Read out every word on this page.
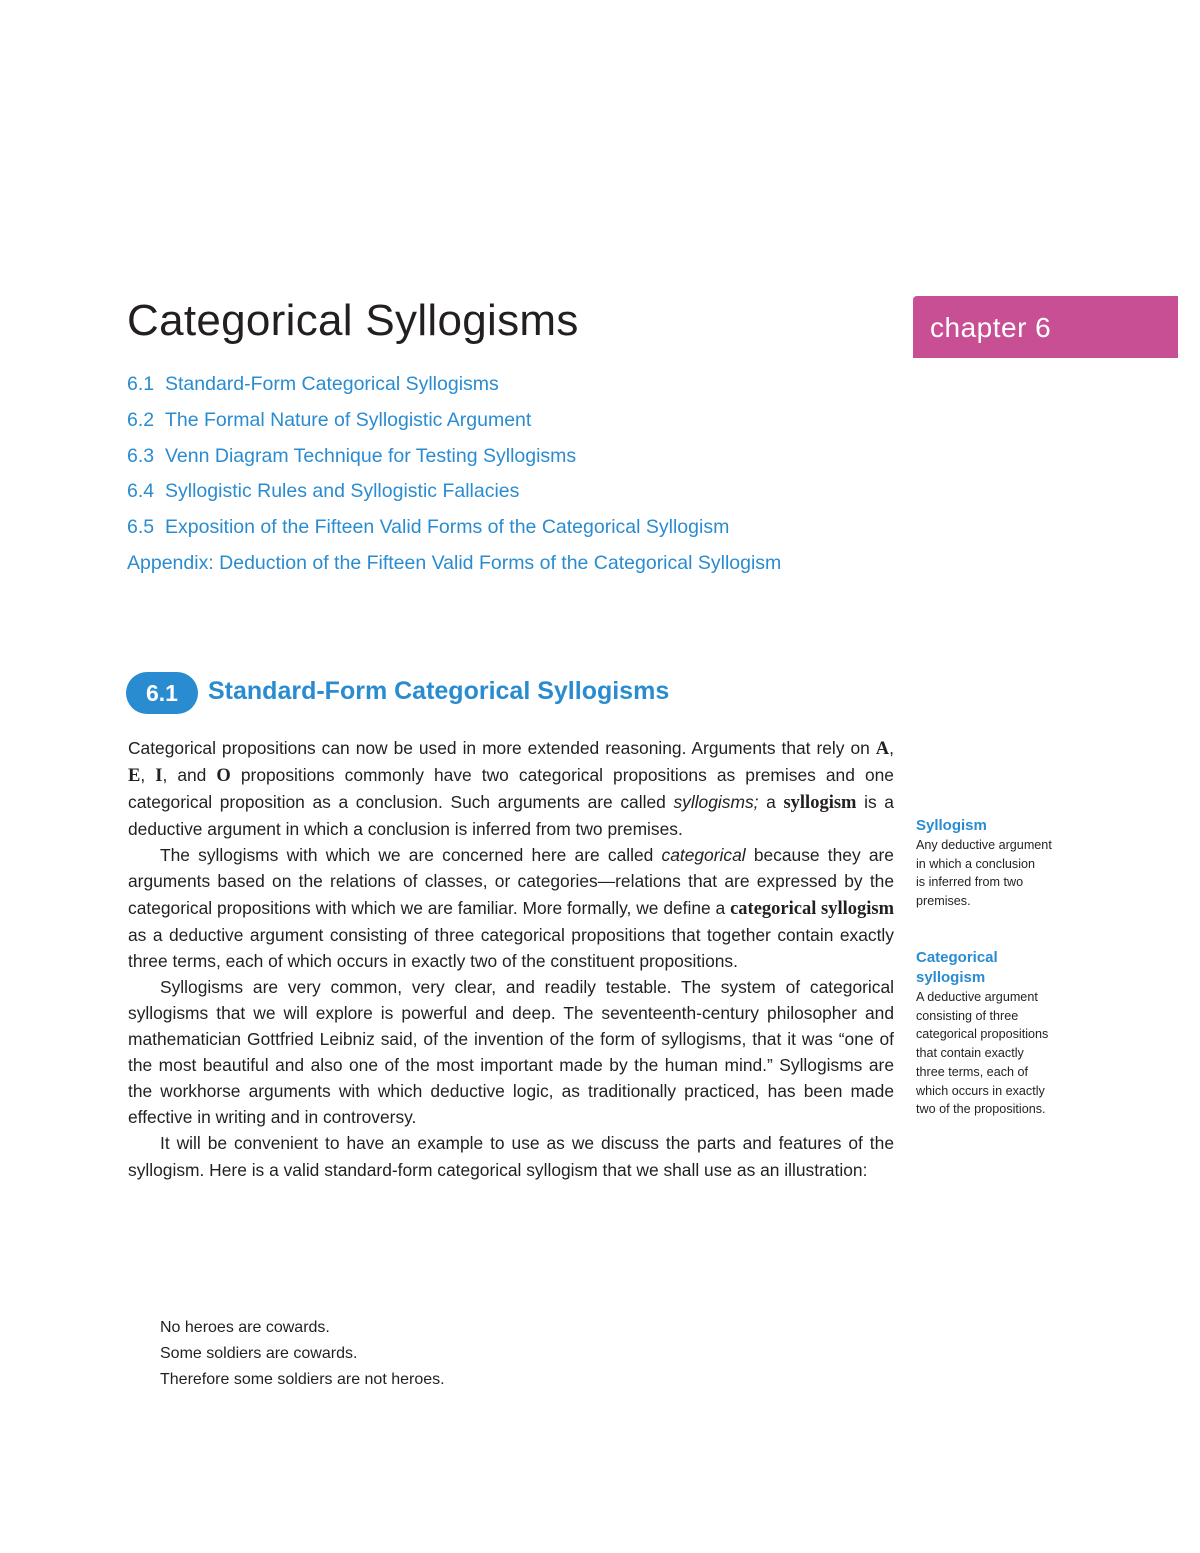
Categorical Syllogisms	chapter 6
6.1 Standard-Form Categorical Syllogisms
6.2 The Formal Nature of Syllogistic Argument
6.3 Venn Diagram Technique for Testing Syllogisms
6.4 Syllogistic Rules and Syllogistic Fallacies
6.5 Exposition of the Fifteen Valid Forms of the Categorical Syllogism
Appendix: Deduction of the Fifteen Valid Forms of the Categorical Syllogism
6.1	Standard-Form Categorical Syllogisms

Categorical propositions can now be used in more extended reasoning. Arguments that rely on A, E, I, and O propositions commonly have two categorical propositions as premises and one categorical proposition as a conclusion. Such arguments are called syllogisms; a syllogism is a deductive argument in which a conclusion is inferred from two premises.

The syllogisms with which we are concerned here are called categorical because they are arguments based on the relations of classes, or categories—relations that are expressed by the categorical propositions with which we are familiar. More formally, we define a categorical syllogism as a deductive argument consisting of three categorical propositions that together contain exactly three terms, each of which occurs in exactly two of the constituent propositions.

Syllogisms are very common, very clear, and readily testable. The system of categorical syllogisms that we will explore is powerful and deep. The seventeenth-century philosopher and mathematician Gottfried Leibniz said, of the invention of the form of syllogisms, that it was “one of the most beautiful and also one of the most important made by the human mind.” Syllogisms are the workhorse arguments with which deductive logic, as traditionally practiced, has been made effective in writing and in controversy.

It will be convenient to have an example to use as we discuss the parts and features of the syllogism. Here is a valid standard-form categorical syllogism that we shall use as an illustration:

No heroes are cowards.
Some soldiers are cowards.
Therefore some soldiers are not heroes.
Syllogism
Any deductive argument
in which a conclusion
is inferred from two
premises.
Categorical
syllogism
A deductive argument
consisting of three
categorical propositions
that contain exactly
three terms, each of
which occurs in exactly
two of the propositions.
